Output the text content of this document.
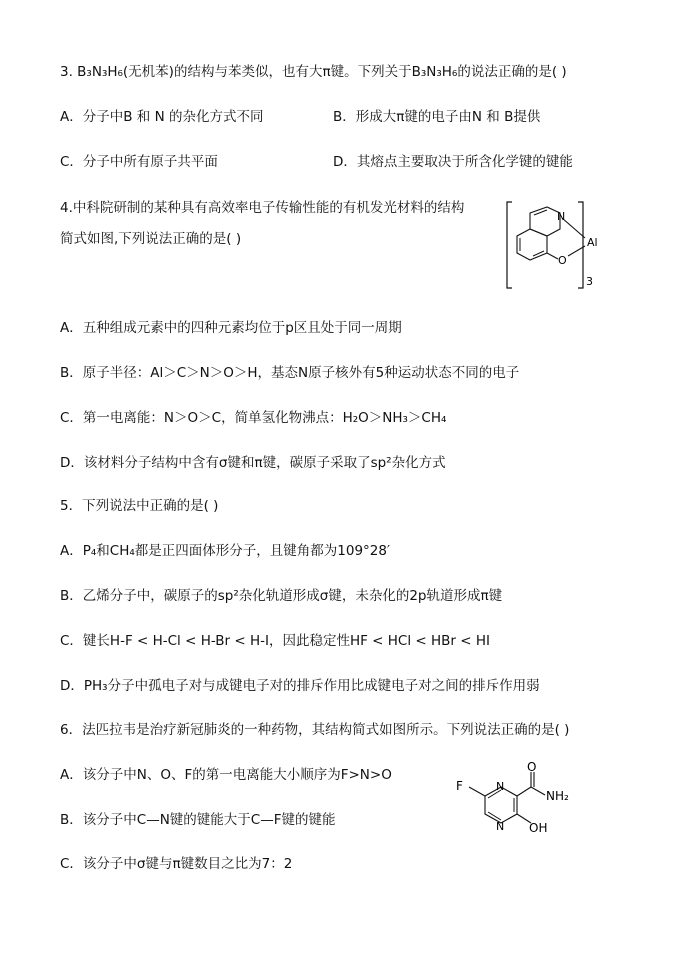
3. B₃N₃H₆(无机苯)的结构与苯类似，也有大π键。下列关于B₃N₃H₆的说法正确的是( )
A．分子中B 和 N 的杂化方式不同	B．形成大π键的电子由N 和 B提供
C．分子中所有原子共平面	D．其熔点主要取决于所含化学键的键能
4.中科院研制的某种具有高效率电子传输性能的有机发光材料的结构
简式如图,下列说法正确的是( )
N
O
Al
3
A．五种组成元素中的四种元素均位于p区且处于同一周期
B．原子半径：Al＞C＞N＞O＞H，基态N原子核外有5种运动状态不同的电子
C．第一电离能：N＞O＞C，简单氢化物沸点：H₂O＞NH₃＞CH₄
D．该材料分子结构中含有σ键和π键，碳原子采取了sp²杂化方式
5．下列说法中正确的是( )
A．P₄和CH₄都是正四面体形分子，且键角都为109°28′
B．乙烯分子中，碳原子的sp²杂化轨道形成σ键，未杂化的2p轨道形成π键
C．键长H-F < H-Cl < H-Br < H-I，因此稳定性HF < HCl < HBr < HI
D．PH₃分子中孤电子对与成键电子对的排斥作用比成键电子对之间的排斥作用弱
6．法匹拉韦是治疗新冠肺炎的一种药物，其结构简式如图所示。下列说法正确的是( )
A．该分子中N、O、F的第一电离能大小顺序为F>N>O
B．该分子中C—N键的键能大于C—F键的键能
C．该分子中σ键与π键数目之比为7：2
F	N
N
O
NH₂
OH
